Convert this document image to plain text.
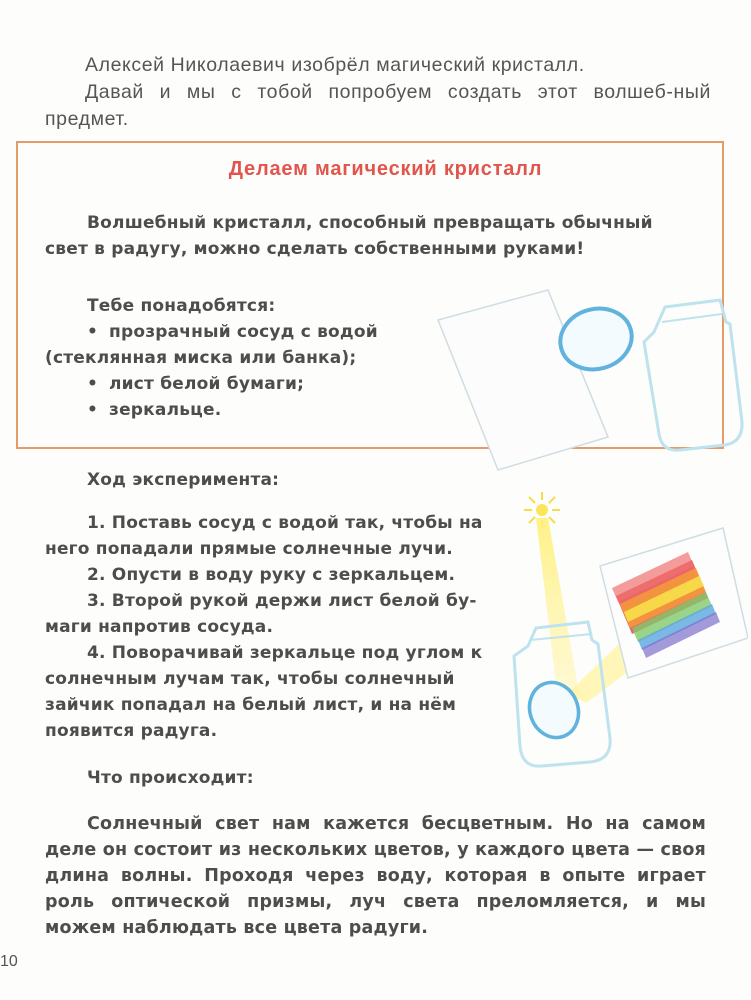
Алексей Николаевич изобрёл магический кристалл.

Давай и мы с тобой попробуем создать этот волшеб-ный предмет.

Делаем магический кристалл

Волшебный кристалл, способный превращать обычный свет в радугу, можно сделать собственными руками!

Тебе понадобятся:

• прозрачный сосуд с водой
(стеклянная миска или банка);
• лист белой бумаги;
• зеркальце.

Ход эксперимента:

1. Поставь сосуд с водой так, чтобы на него попадали прямые солнечные лучи.

2. Опусти в воду руку с зеркальцем.

3. Второй рукой держи лист белой бу-маги напротив сосуда.

4. Поворачивай зеркальце под углом к солнечным лучам так, чтобы солнечный зайчик попадал на белый лист, и на нём появится радуга.

Что происходит:

Солнечный свет нам кажется бесцветным. Но на самом деле он состоит из нескольких цветов, у каждого цвета — своя длина волны. Проходя через воду, которая в опыте играет роль оптической призмы, луч света преломляется, и мы можем наблюдать все цвета радуги.

10
